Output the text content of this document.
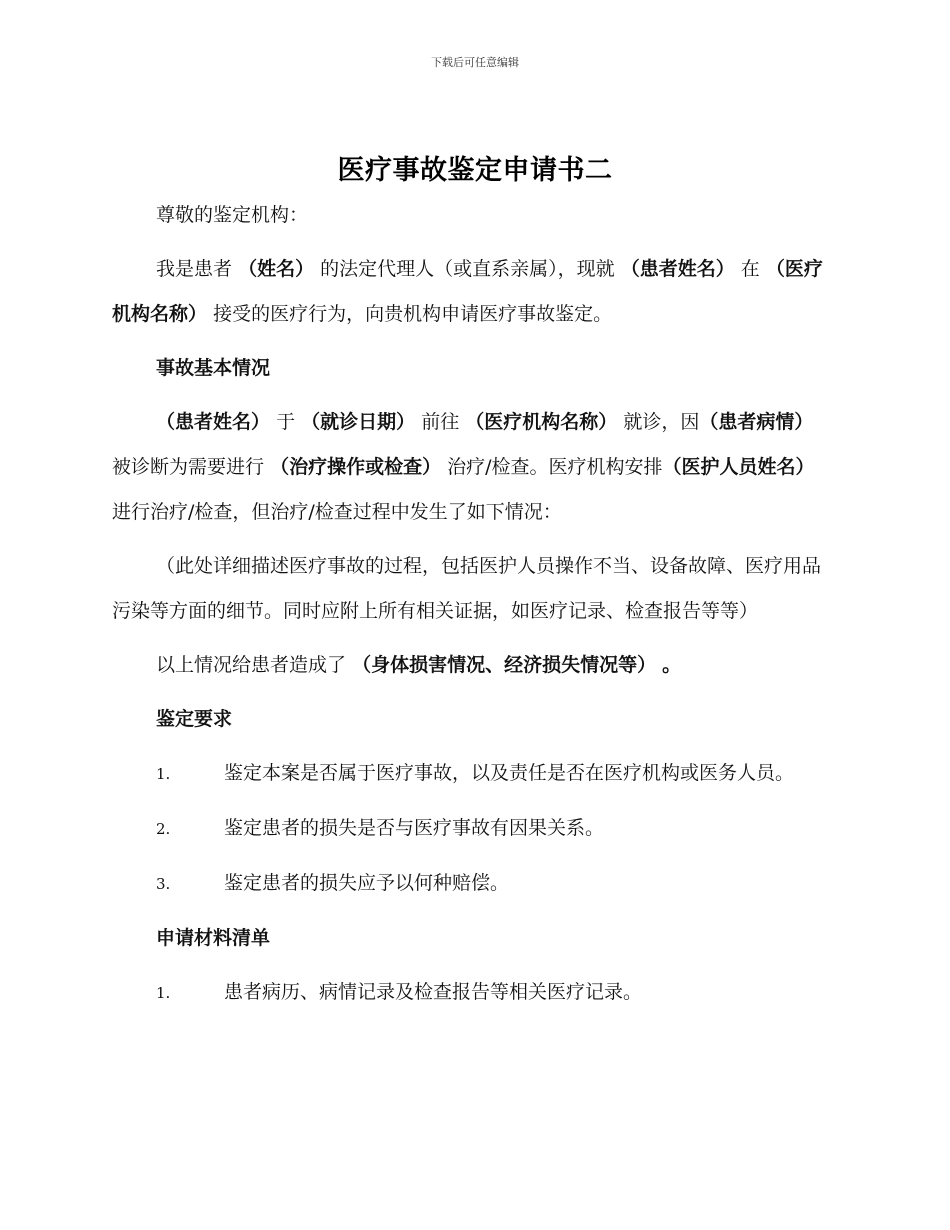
下载后可任意编辑
医疗事故鉴定申请书二

尊敬的鉴定机构：

我是患者 （姓名） 的法定代理人（或直系亲属），现就 （患者姓名） 在 （医疗机构名称） 接受的医疗行为，向贵机构申请医疗事故鉴定。

事故基本情况

（患者姓名） 于 （就诊日期） 前往 （医疗机构名称） 就诊，因（患者病情） 被诊断为需要进行 （治疗操作或检查） 治疗/检查。医疗机构安排（医护人员姓名） 进行治疗/检查，但治疗/检查过程中发生了如下情况：

（此处详细描述医疗事故的过程，包括医护人员操作不当、设备故障、医疗用品污染等方面的细节。同时应附上所有相关证据，如医疗记录、检查报告等等）

以上情况给患者造成了 （身体损害情况、经济损失情况等） 。

鉴定要求

1.	鉴定本案是否属于医疗事故，以及责任是否在医疗机构或医务人员。

2.	鉴定患者的损失是否与医疗事故有因果关系。

3.	鉴定患者的损失应予以何种赔偿。

申请材料清单

1.	患者病历、病情记录及检查报告等相关医疗记录。
